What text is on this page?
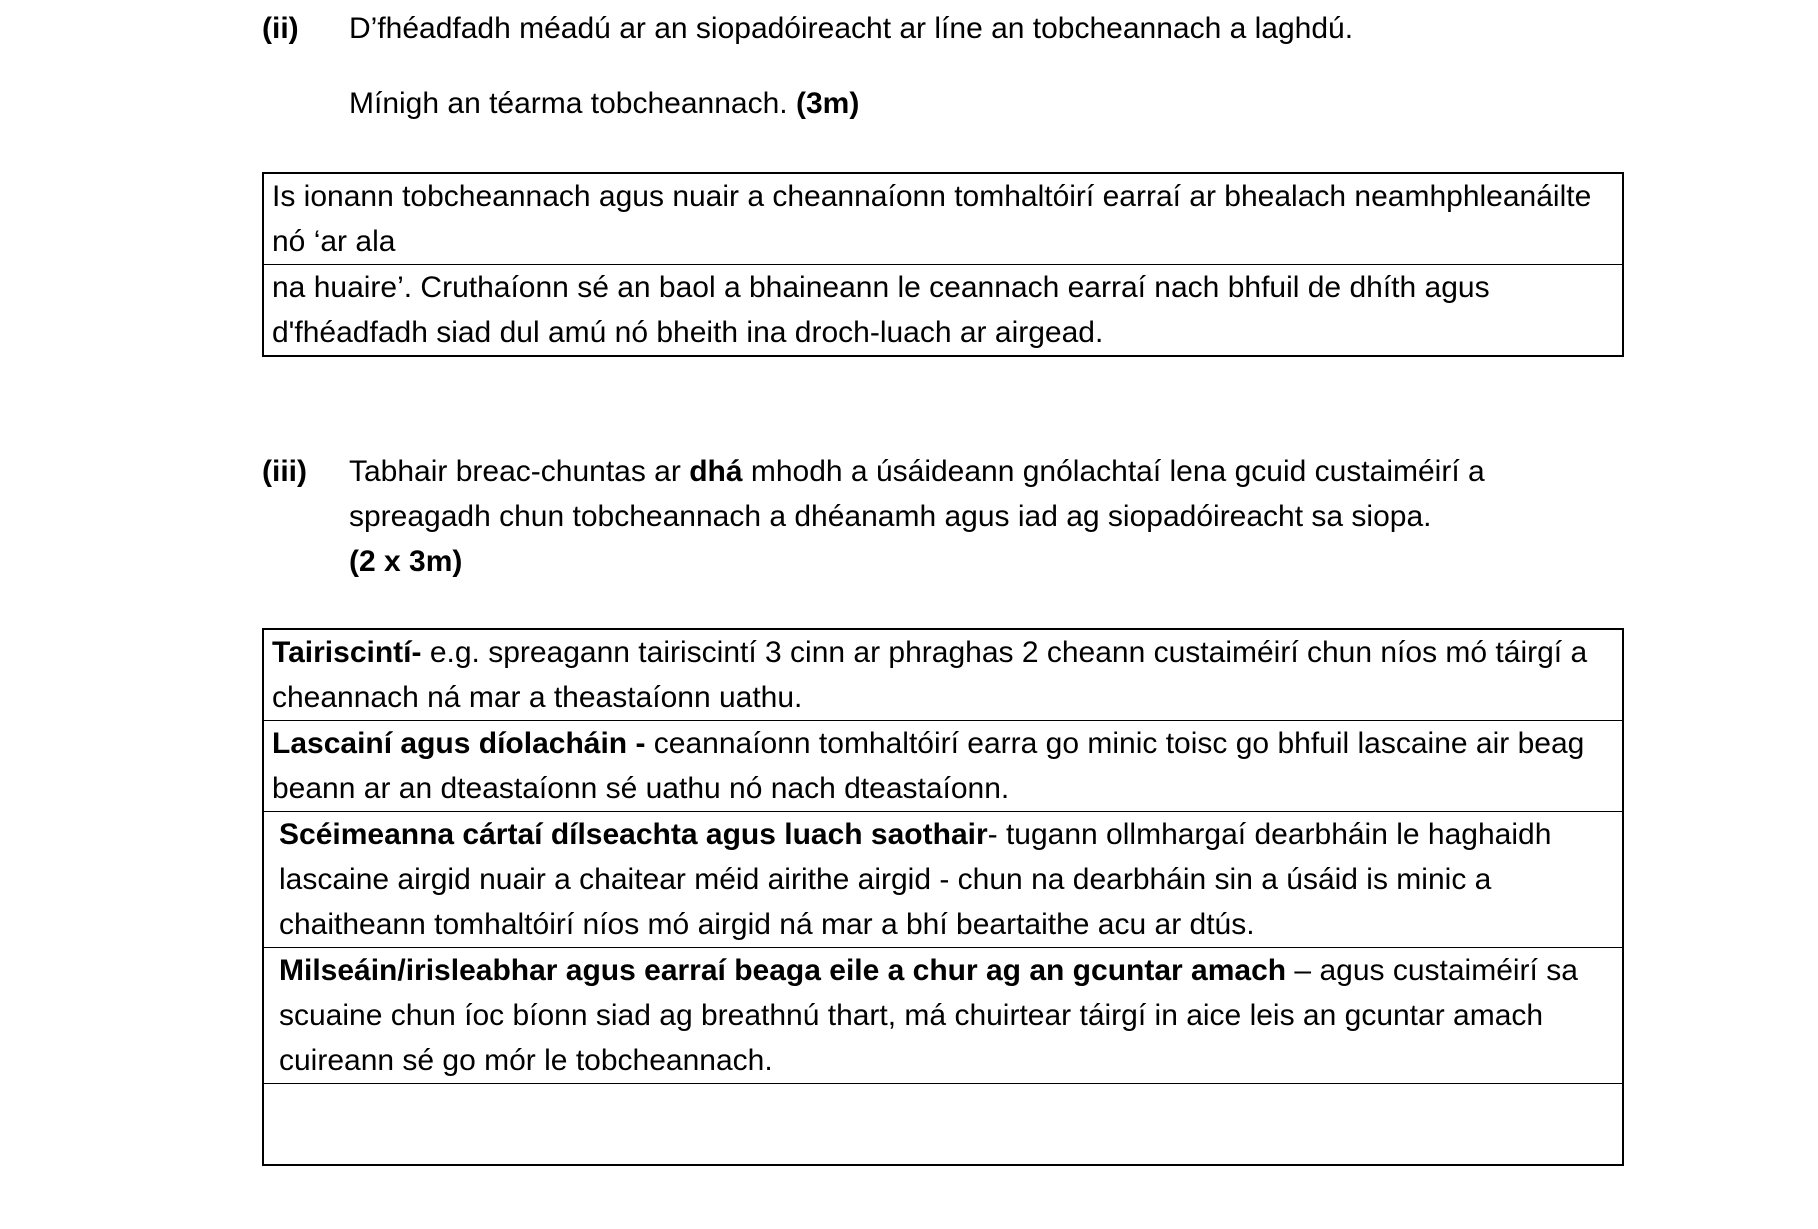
(ii) D’fhéadfadh méadú ar an siopadóireacht ar líne an tobcheannach a laghdú.
Mínigh an téarma tobcheannach. (3m)
Is ionann tobcheannach agus nuair a cheannaíonn tomhaltóirí earraí ar bhealach neamhphleanáilte nó ‘ar ala
na huaire’. Cruthaíonn sé an baol a bhaineann le ceannach earraí nach bhfuil de dhíth agus d'fhéadfadh siad dul amú nó bheith ina droch-luach ar airgead.
(iii) Tabhair breac-chuntas ar dhá mhodh a úsáideann gnólachtaí lena gcuid custaiméirí a spreagadh chun tobcheannach a dhéanamh agus iad ag siopadóireacht sa siopa.
(2 x 3m)
Tairiscintí- e.g. spreagann tairiscintí 3 cinn ar phraghas 2 cheann custaiméirí chun níos mó táirgí a cheannach ná mar a theastaíonn uathu.
Lascainí agus díolacháin - ceannaíonn tomhaltóirí earra go minic toisc go bhfuil lascaine air beag beann ar an dteastaíonn sé uathu nó nach dteastaíonn.
Scéimeanna cártaí dílseachta agus luach saothair- tugann ollmhargaí dearbháin le haghaidh lascaine airgid nuair a chaitear méid airithe airgid - chun na dearbháin sin a úsáid is minic a chaitheann tomhaltóirí níos mó airgid ná mar a bhí beartaithe acu ar dtús.
Milseáin/irisleabhar agus earraí beaga eile a chur ag an gcuntar amach – agus custaiméirí sa scuaine chun íoc bíonn siad ag breathnú thart, má chuirtear táirgí in aice leis an gcuntar amach cuireann sé go mór le tobcheannach.
